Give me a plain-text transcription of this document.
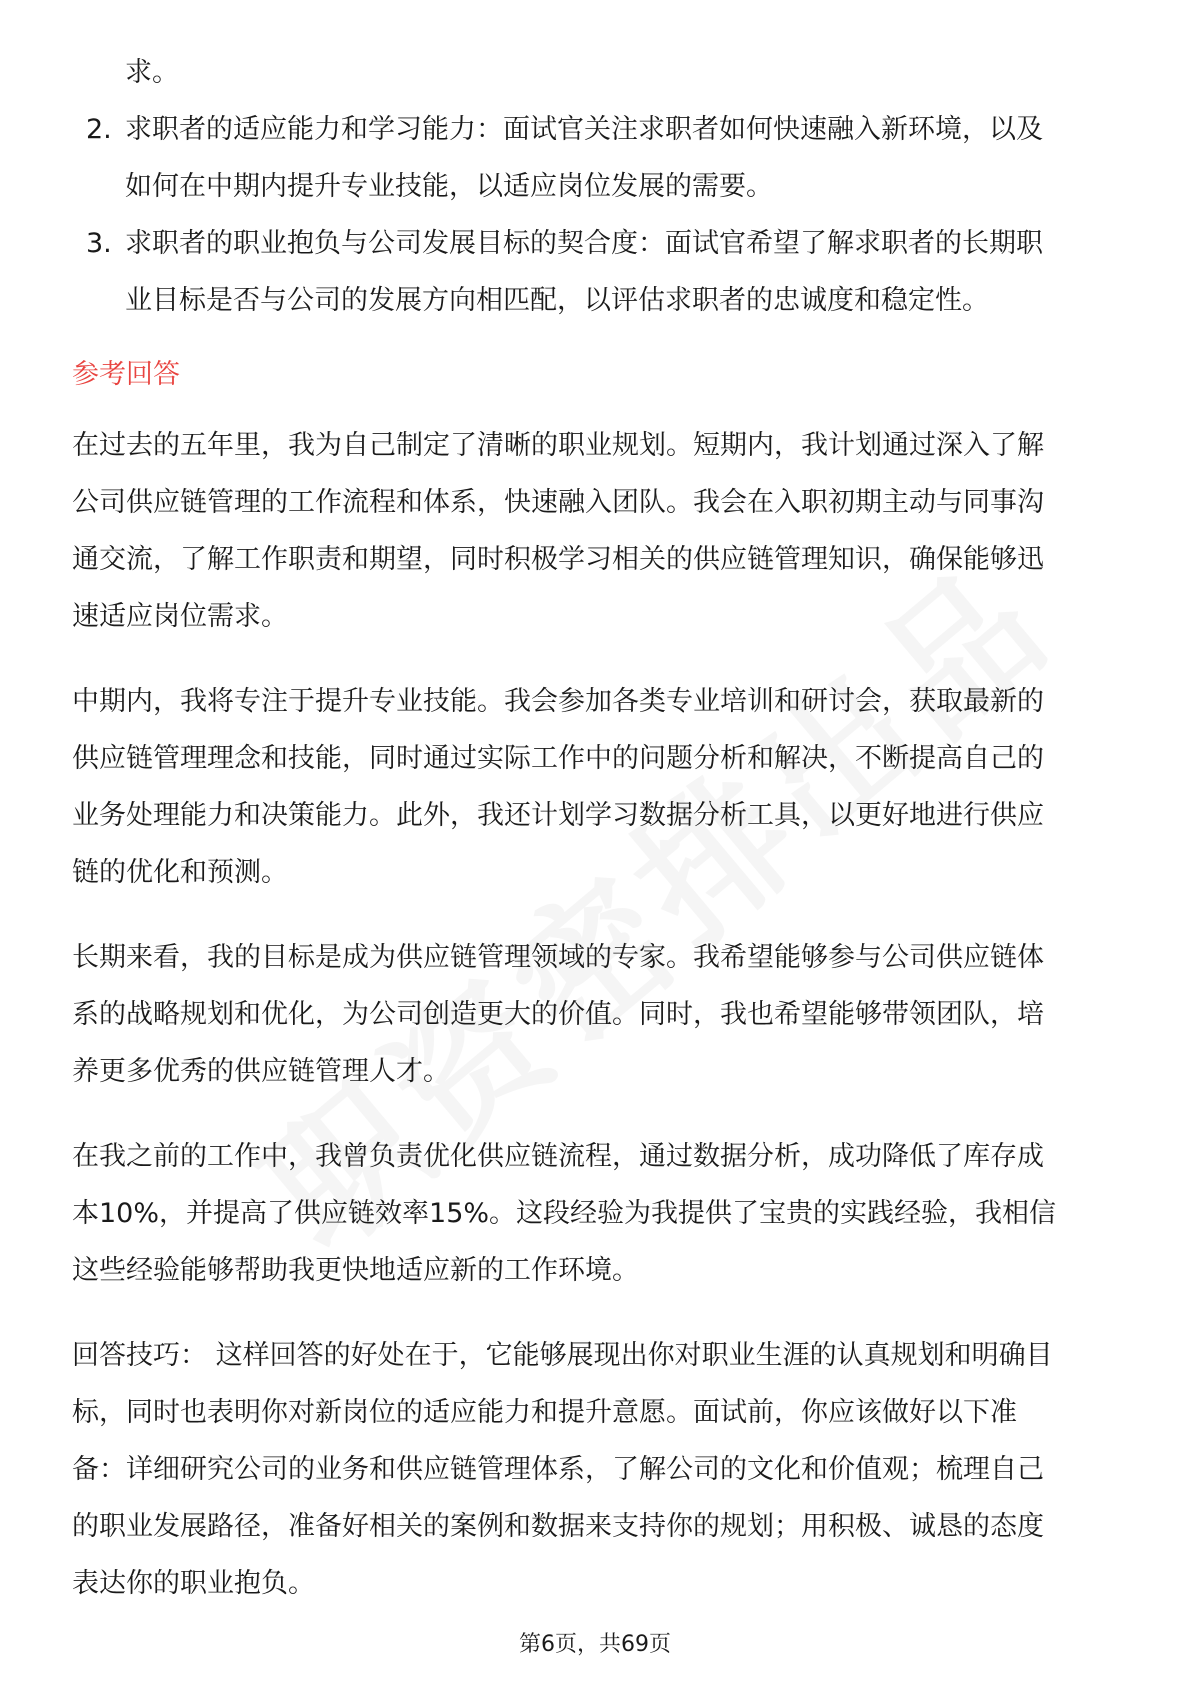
求。
2. 求职者的适应能力和学习能力：面试官关注求职者如何快速融入新环境，以及
如何在中期内提升专业技能，以适应岗位发展的需要。
3. 求职者的职业抱负与公司发展目标的契合度：面试官希望了解求职者的长期职
业目标是否与公司的发展方向相匹配，以评估求职者的忠诚度和稳定性。
参考回答
在过去的五年里，我为自己制定了清晰的职业规划。短期内，我计划通过深入了解
公司供应链管理的工作流程和体系，快速融入团队。我会在入职初期主动与同事沟
通交流，了解工作职责和期望，同时积极学习相关的供应链管理知识，确保能够迅
速适应岗位需求。
中期内，我将专注于提升专业技能。我会参加各类专业培训和研讨会，获取最新的
供应链管理理念和技能，同时通过实际工作中的问题分析和解决，不断提高自己的
业务处理能力和决策能力。此外，我还计划学习数据分析工具，以更好地进行供应
链的优化和预测。
长期来看，我的目标是成为供应链管理领域的专家。我希望能够参与公司供应链体
系的战略规划和优化，为公司创造更大的价值。同时，我也希望能够带领团队，培
养更多优秀的供应链管理人才。
在我之前的工作中，我曾负责优化供应链流程，通过数据分析，成功降低了库存成
本10%，并提高了供应链效率15%。这段经验为我提供了宝贵的实践经验，我相信
这些经验能够帮助我更快地适应新的工作环境。
回答技巧： 这样回答的好处在于，它能够展现出你对职业生涯的认真规划和明确目
标，同时也表明你对新岗位的适应能力和提升意愿。面试前，你应该做好以下准
备：详细研究公司的业务和供应链管理体系，了解公司的文化和价值观；梳理自己
的职业发展路径，准备好相关的案例和数据来支持你的规划；用积极、诚恳的态度
表达你的职业抱负。
第6页，共69页
